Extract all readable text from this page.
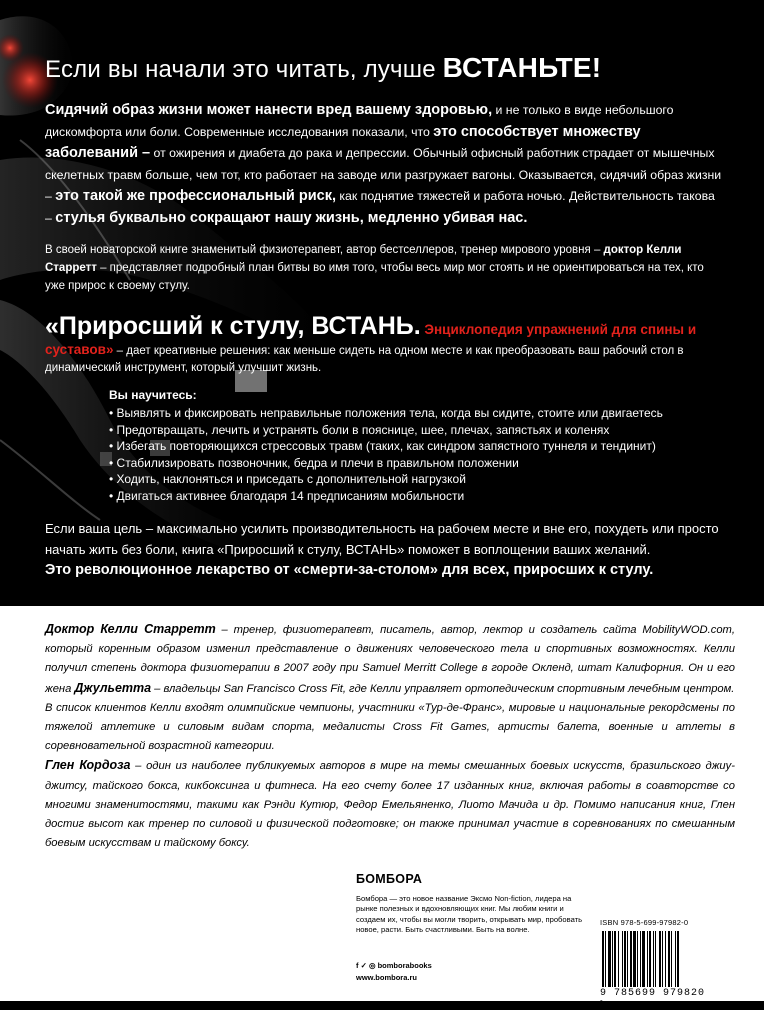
Если вы начали это читать, лучше ВСТАНЬТЕ!
Сидячий образ жизни может нанести вред вашему здоровью, и не только в виде небольшого дискомфорта или боли. Современные исследования показали, что это способствует множеству заболеваний – от ожирения и диабета до рака и депрессии. Обычный офисный работник страдает от мышечных скелетных травм больше, чем тот, кто работает на заводе или разгружает вагоны. Оказывается, сидячий образ жизни – это такой же профессиональный риск, как поднятие тяжестей и работа ночью. Действительность такова – стулья буквально сокращают нашу жизнь, медленно убивая нас.
В своей новаторской книге знаменитый физиотерапевт, автор бестселлеров, тренер мирового уровня – доктор Келли Старретт – представляет подробный план битвы во имя того, чтобы весь мир мог стоять и не ориентироваться на тех, кто уже прирос к своему стулу.
«Приросший к стулу, ВСТАНЬ. Энциклопедия упражнений для спины и суставов» – дает креативные решения: как меньше сидеть на одном месте и как преобразовать ваш рабочий стол в динамический инструмент, который улучшит жизнь.
Вы научитесь:
• Выявлять и фиксировать неправильные положения тела, когда вы сидите, стоите или двигаетесь
• Предотвращать, лечить и устранять боли в пояснице, шее, плечах, запястьях и коленях
• Избегать повторяющихся стрессовых травм (таких, как синдром запястного туннеля и тендинит)
• Стабилизировать позвоночник, бедра и плечи в правильном положении
• Ходить, наклоняться и приседать с дополнительной нагрузкой
• Двигаться активнее благодаря 14 предписаниям мобильности
Если ваша цель – максимально усилить производительность на рабочем месте и вне его, похудеть или просто начать жить без боли, книга «Приросший к стулу, ВСТАНЬ» поможет в воплощении ваших желаний.
Это революционное лекарство от «смерти-за-столом» для всех, приросших к стулу.
Доктор Келли Старретт – тренер, физиотерапевт, писатель, автор, лектор и создатель сайта MobilityWOD.com, который коренным образом изменил представление о движениях человеческого тела и спортивных возможностях. Келли получил степень доктора физиотерапии в 2007 году при Samuel Merritt College в городе Окленд, штат Калифорния. Он и его жена Джульетта – владельцы San Francisco Cross Fit, где Келли управляет ортопедическим спортивным лечебным центром.
В список клиентов Келли входят олимпийские чемпионы, участники «Тур-де-Франс», мировые и национальные рекордсмены по тяжелой атлетике и силовым видам спорта, медалисты Cross Fit Games, артисты балета, военные и атлеты в соревновательной возрастной категории.
Глен Кордоза – один из наиболее публикуемых авторов в мире на темы смешанных боевых искусств, бразильского джиу-джитсу, тайского бокса, кикбоксинга и фитнеса. На его счету более 17 изданных книг, включая работы в соавторстве со многими знаменитостями, такими как Рэнди Кутюр, Федор Емельяненко, Лиото Мачида и др. Помимо написания книг, Глен достиг высот как тренер по силовой и физической подготовке; он также принимал участие в соревнованиях по смешанным боевым искусствам и тайскому боксу.
БОМБОРА
Бомбора — это новое название Эксмо Non-fiction, лидера на рынке полезных и вдохновляющих книг. Мы любим книги и создаем их, чтобы вы могли творить, открывать мир, пробовать новое, расти. Быть счастливыми. Быть на волне.
f ✓ ◎ bomborabooks
www.bombora.ru
ISBN 978-5-699-97982-0
9 785699 979820 >
